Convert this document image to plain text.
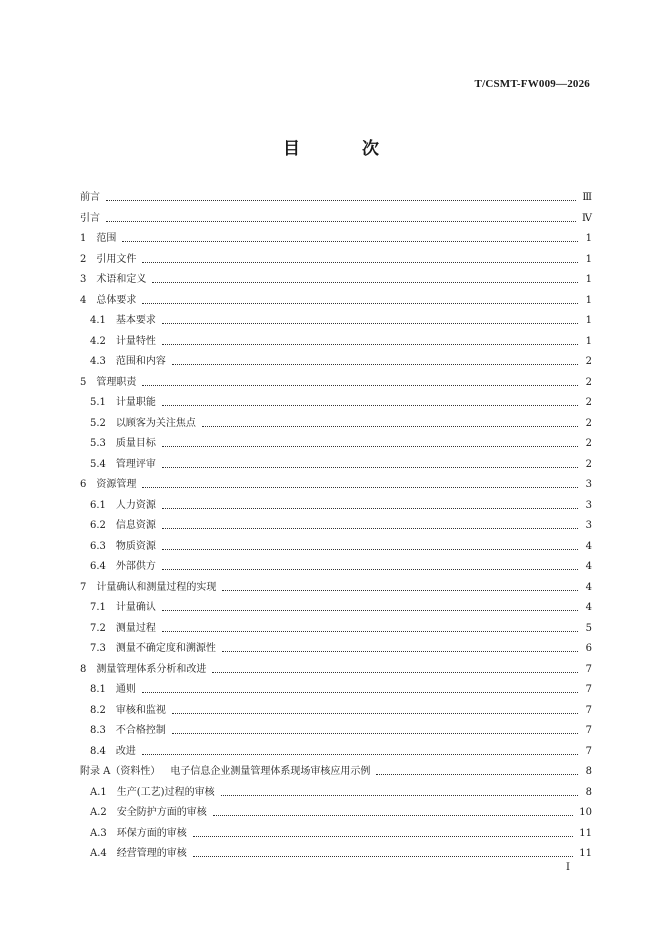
T/CSMT-FW009—2026
目 次
前言	Ⅲ
引言	Ⅳ
1 范围	1
2 引用文件	1
3 术语和定义	1
4 总体要求	1
4.1 基本要求	1
4.2 计量特性	1
4.3 范围和内容	2
5 管理职责	2
5.1 计量职能	2
5.2 以顾客为关注焦点	2
5.3 质量目标	2
5.4 管理评审	2
6 资源管理	3
6.1 人力资源	3
6.2 信息资源	3
6.3 物质资源	4
6.4 外部供方	4
7 计量确认和测量过程的实现	4
7.1 计量确认	4
7.2 测量过程	5
7.3 测量不确定度和溯源性	6
8 测量管理体系分析和改进	7
8.1 通则	7
8.2 审核和监视	7
8.3 不合格控制	7
8.4 改进	7
附录 A（资料性） 电子信息企业测量管理体系现场审核应用示例	8
A.1 生产(工艺)过程的审核	8
A.2 安全防护方面的审核	10
A.3 环保方面的审核	11
A.4 经营管理的审核	11
I
